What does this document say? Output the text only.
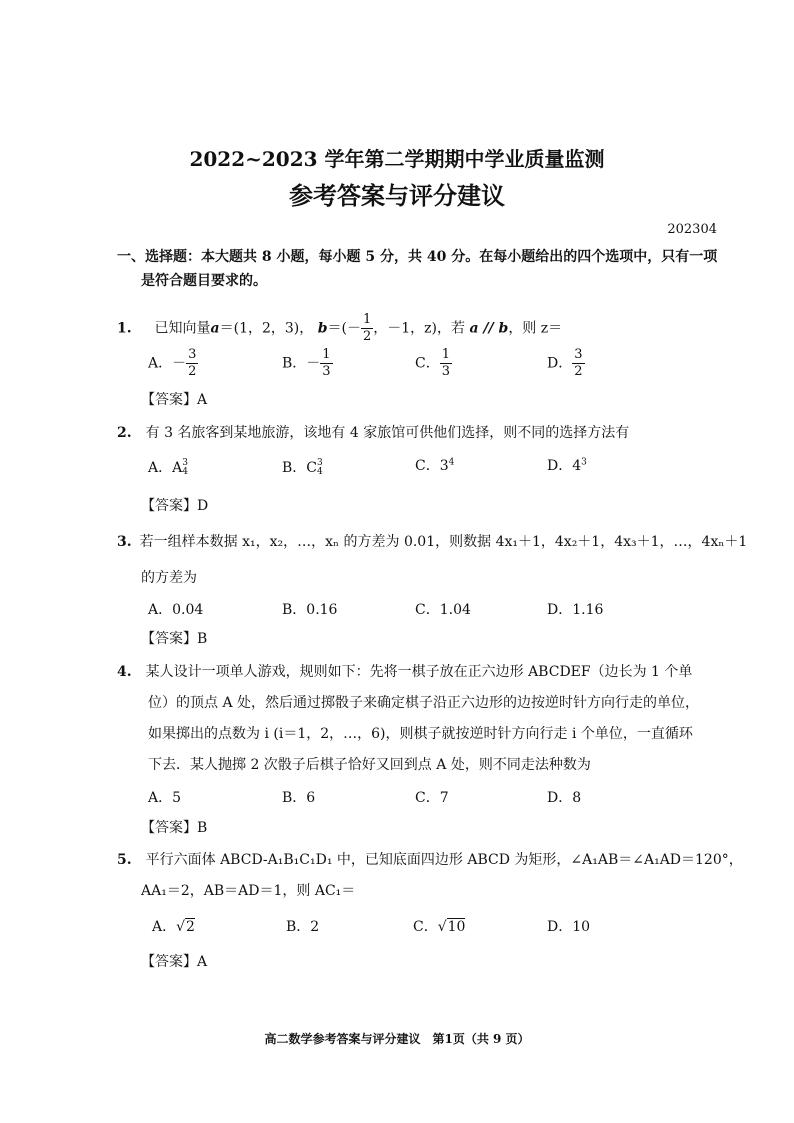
2022~2023 学年第二学期期中学业质量监测
参考答案与评分建议
202304
一、选择题：本大题共 8 小题，每小题 5 分，共 40 分。在每小题给出的四个选项中，只有一项
是符合题目要求的。
1. 已知向量a＝(1，2，3)， $b=(- \frac{1}{2}$ ，－1，z)，若 a // b，则 z＝
A．－ $\frac{3}{2}$	B．－ $\frac{1}{3}$	C． $\frac{1}{3}$	D． $\frac{3}{2}$
【答案】A
2. 有 3 名旅客到某地旅游，该地有 4 家旅馆可供他们选择，则不同的选择方法有
A．A 3
4	B．C 3
4	C．$3^4$	D．$4^3$
【答案】D
3. 若一组样本数据 x₁，x₂，…，xₙ 的方差为 0.01，则数据 4x₁＋1，4x₂＋1，4x₃＋1，…，4xₙ＋1
的方差为
A．0.04	B．0.16	C．1.04	D．1.16
【答案】B
4. 某人设计一项单人游戏，规则如下：先将一棋子放在正六边形 ABCDEF（边长为 1 个单
位）的顶点 A 处，然后通过掷骰子来确定棋子沿正六边形的边按逆时针方向行走的单位，
如果掷出的点数为 i (i＝1，2，…，6)，则棋子就按逆时针方向行走 i 个单位，一直循环
下去．某人抛掷 2 次骰子后棋子恰好又回到点 A 处，则不同走法种数为
A．5	B．6	C．7	D．8
【答案】B
5. 平行六面体 ABCD-A₁B₁C₁D₁ 中，已知底面四边形 ABCD 为矩形，∠A₁AB＝∠A₁AD＝120°，
AA₁＝2，AB＝AD＝1，则 AC₁＝
A．√2	B．2	C．√10	D．10
【答案】A
高二数学参考答案与评分建议　第1页（共 9 页）
